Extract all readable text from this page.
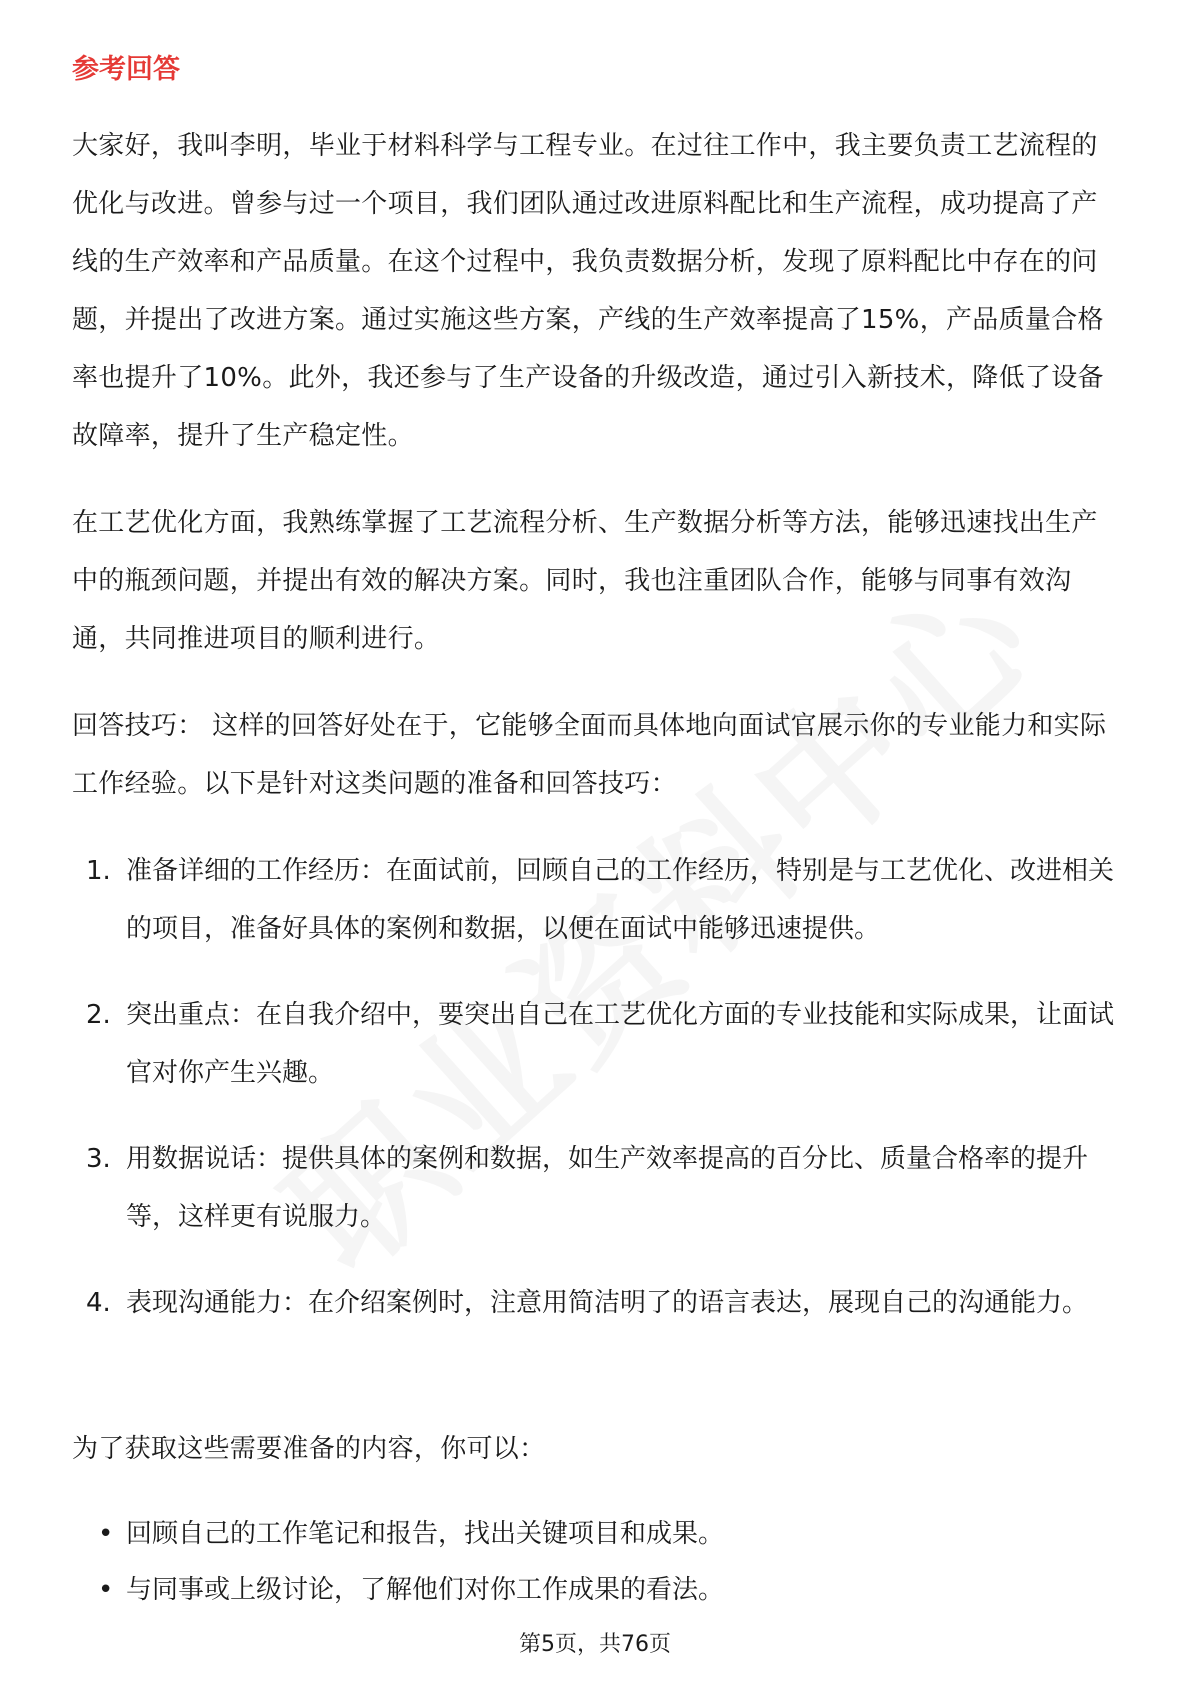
参考回答

大家好，我叫李明，毕业于材料科学与工程专业。在过往工作中，我主要负责工艺流程的优化与改进。曾参与过一个项目，我们团队通过改进原料配比和生产流程，成功提高了产线的生产效率和产品质量。在这个过程中，我负责数据分析，发现了原料配比中存在的问题，并提出了改进方案。通过实施这些方案，产线的生产效率提高了15%，产品质量合格率也提升了10%。此外，我还参与了生产设备的升级改造，通过引入新技术，降低了设备故障率，提升了生产稳定性。

在工艺优化方面，我熟练掌握了工艺流程分析、生产数据分析等方法，能够迅速找出生产中的瓶颈问题，并提出有效的解决方案。同时，我也注重团队合作，能够与同事有效沟通，共同推进项目的顺利进行。

回答技巧： 这样的回答好处在于，它能够全面而具体地向面试官展示你的专业能力和实际工作经验。以下是针对这类问题的准备和回答技巧：

1. 准备详细的工作经历：在面试前，回顾自己的工作经历，特别是与工艺优化、改进相关的项目，准备好具体的案例和数据，以便在面试中能够迅速提供。
2. 突出重点：在自我介绍中，要突出自己在工艺优化方面的专业技能和实际成果，让面试官对你产生兴趣。
3. 用数据说话：提供具体的案例和数据，如生产效率提高的百分比、质量合格率的提升等，这样更有说服力。
4. 表现沟通能力：在介绍案例时，注意用简洁明了的语言表达，展现自己的沟通能力。

为了获取这些需要准备的内容，你可以：

• 回顾自己的工作笔记和报告，找出关键项目和成果。
• 与同事或上级讨论，了解他们对你工作成果的看法。
第5页，共76页
